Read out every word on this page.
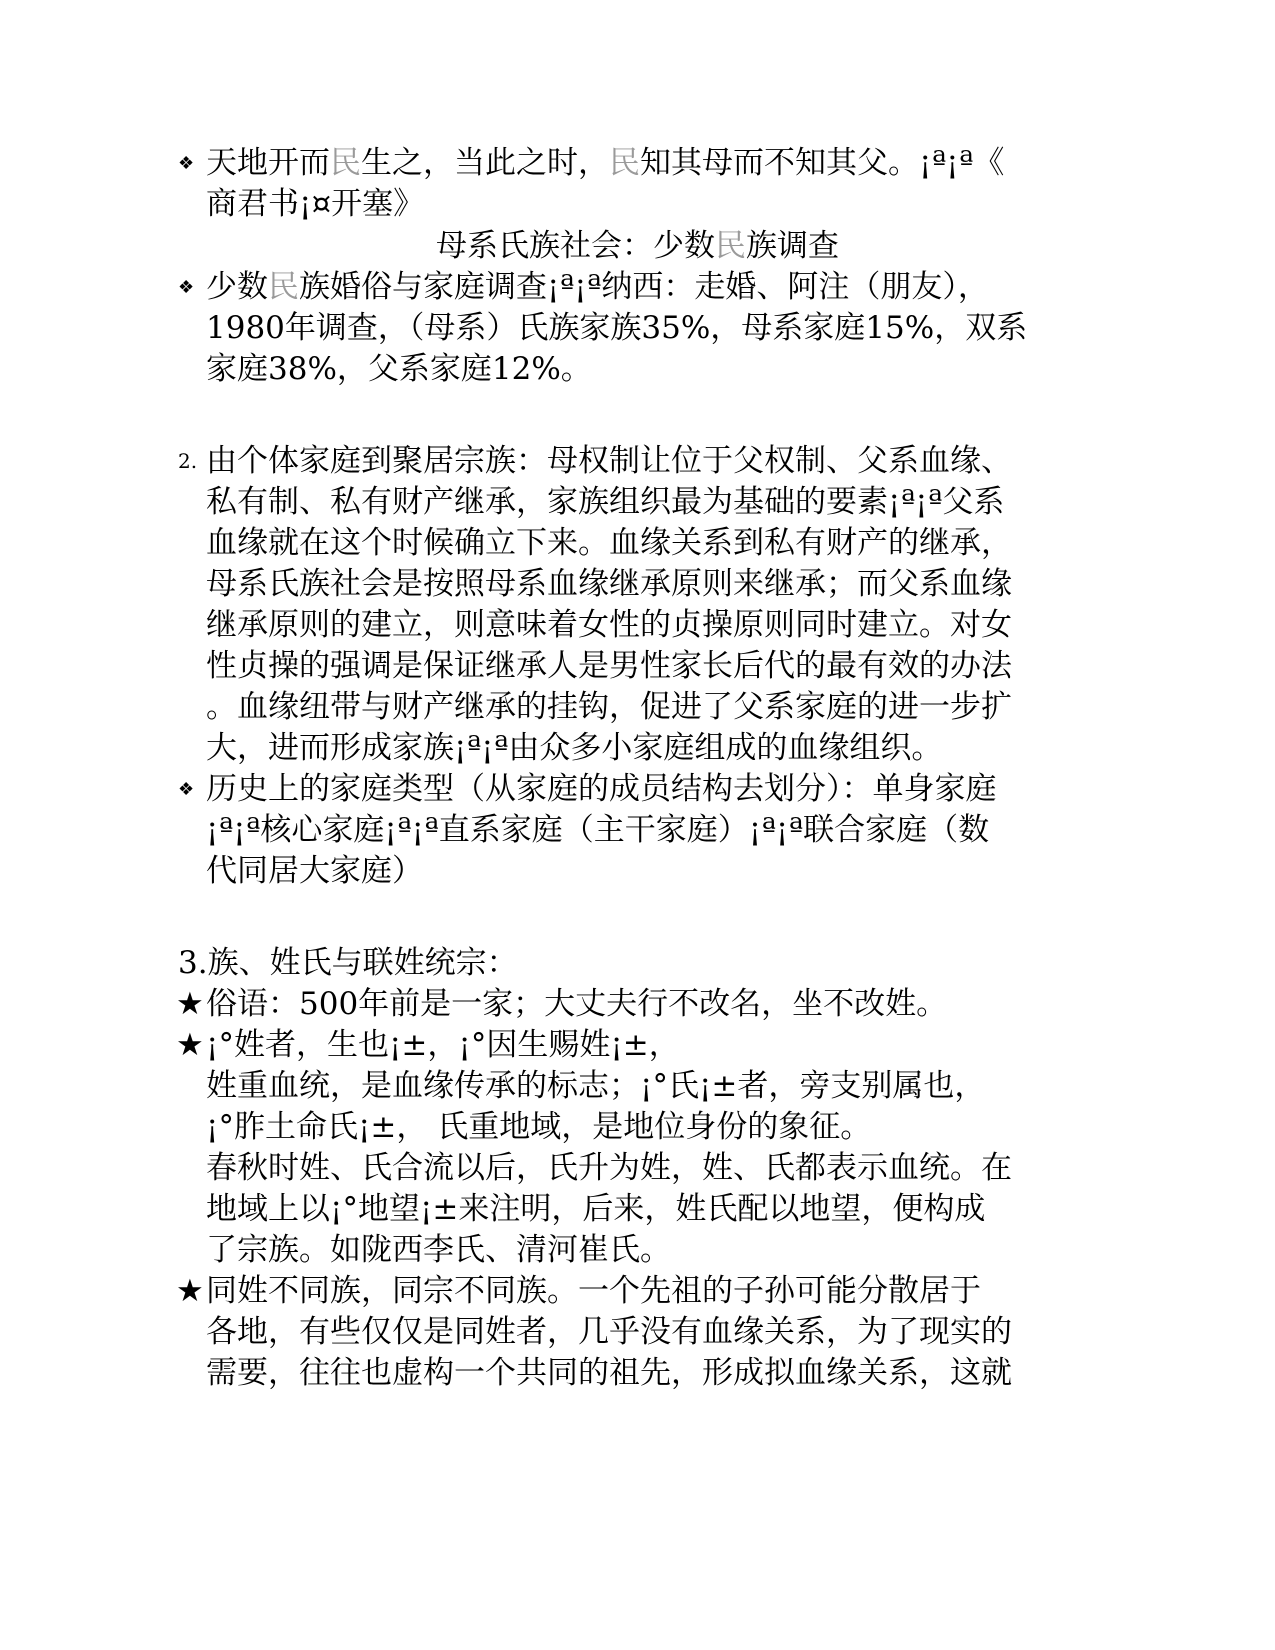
❖ 天地开而民生之，当此之时，民知其母而不知其父。¡ª¡ª《
商君书¡¤开塞》
母系氏族社会：少数民族调查
❖ 少数民族婚俗与家庭调查¡ª¡ª纳西：走婚、阿注（朋友），
1980年调查，（母系）氏族家族35%，母系家庭15%，双系
家庭38%，父系家庭12%。
2. 由个体家庭到聚居宗族：母权制让位于父权制、父系血缘、
私有制、私有财产继承，家族组织最为基础的要素¡ª¡ª父系
血缘就在这个时候确立下来。血缘关系到私有财产的继承，
母系氏族社会是按照母系血缘继承原则来继承；而父系血缘
继承原则的建立，则意味着女性的贞操原则同时建立。对女
性贞操的强调是保证继承人是男性家长后代的最有效的办法
。血缘纽带与财产继承的挂钩，促进了父系家庭的进一步扩
大，进而形成家族¡ª¡ª由众多小家庭组成的血缘组织。
❖ 历史上的家庭类型（从家庭的成员结构去划分）：单身家庭
¡ª¡ª核心家庭¡ª¡ª直系家庭（主干家庭）¡ª¡ª联合家庭（数
代同居大家庭）
3.族、姓氏与联姓统宗：
★ 俗语：500年前是一家；大丈夫行不改名，坐不改姓。
★ ¡°姓者，生也¡±，¡°因生赐姓¡±，
姓重血统，是血缘传承的标志；¡°氏¡±者，旁支别属也，
¡°胙土命氏¡±， 氏重地域，是地位身份的象征。
春秋时姓、氏合流以后，氏升为姓，姓、氏都表示血统。在
地域上以¡°地望¡±来注明，后来，姓氏配以地望，便构成
了宗族。如陇西李氏、清河崔氏。
★ 同姓不同族，同宗不同族。一个先祖的子孙可能分散居于
各地，有些仅仅是同姓者，几乎没有血缘关系，为了现实的
需要，往往也虚构一个共同的祖先，形成拟血缘关系，这就
